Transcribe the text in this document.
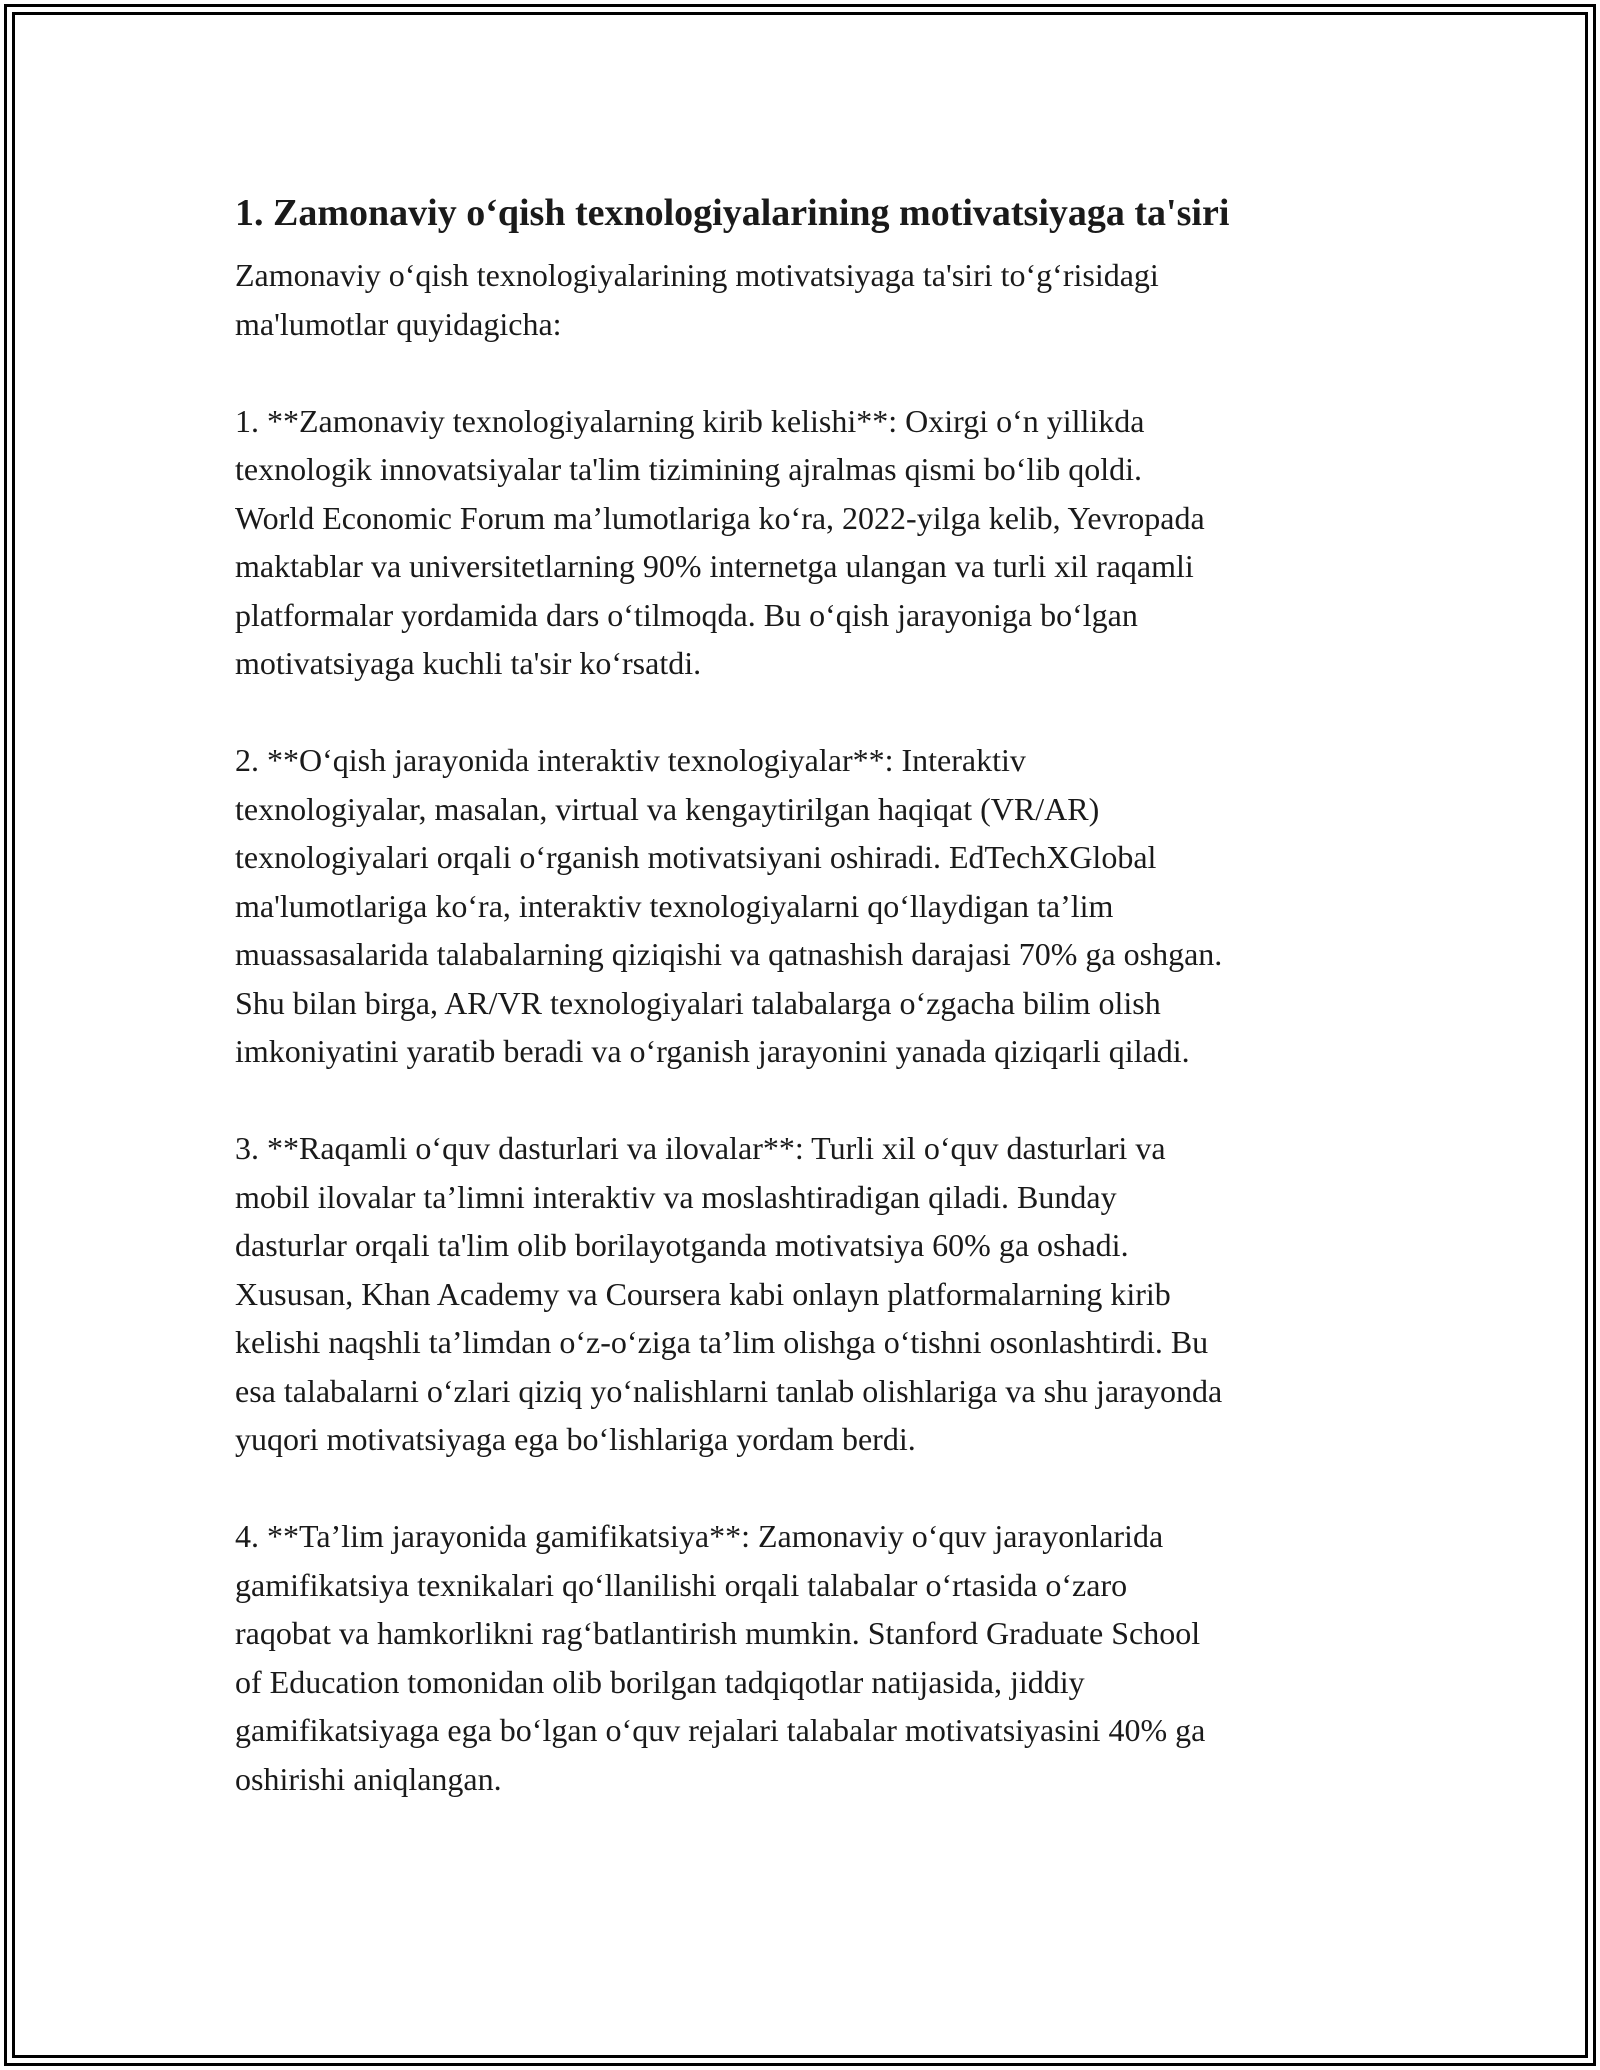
1. Zamonaviy o‘qish texnologiyalarining motivatsiyaga ta'siri

Zamonaviy o‘qish texnologiyalarining motivatsiyaga ta'siri to‘g‘risidagi
ma'lumotlar quyidagicha:

1. **Zamonaviy texnologiyalarning kirib kelishi**: Oxirgi o‘n yillikda
texnologik innovatsiyalar ta'lim tizimining ajralmas qismi bo‘lib qoldi.
World Economic Forum ma’lumotlariga ko‘ra, 2022-yilga kelib, Yevropada
maktablar va universitetlarning 90% internetga ulangan va turli xil raqamli
platformalar yordamida dars o‘tilmoqda. Bu o‘qish jarayoniga bo‘lgan
motivatsiyaga kuchli ta'sir ko‘rsatdi.

2. **O‘qish jarayonida interaktiv texnologiyalar**: Interaktiv
texnologiyalar, masalan, virtual va kengaytirilgan haqiqat (VR/AR)
texnologiyalari orqali o‘rganish motivatsiyani oshiradi. EdTechXGlobal
ma'lumotlariga ko‘ra, interaktiv texnologiyalarni qo‘llaydigan ta’lim
muassasalarida talabalarning qiziqishi va qatnashish darajasi 70% ga oshgan.
Shu bilan birga, AR/VR texnologiyalari talabalarga o‘zgacha bilim olish
imkoniyatini yaratib beradi va o‘rganish jarayonini yanada qiziqarli qiladi.

3. **Raqamli o‘quv dasturlari va ilovalar**: Turli xil o‘quv dasturlari va
mobil ilovalar ta’limni interaktiv va moslashtiradigan qiladi. Bunday
dasturlar orqali ta'lim olib borilayotganda motivatsiya 60% ga oshadi.
Xususan, Khan Academy va Coursera kabi onlayn platformalarning kirib
kelishi naqshli ta’limdan o‘z-o‘ziga ta’lim olishga o‘tishni osonlashtirdi. Bu
esa talabalarni o‘zlari qiziq yo‘nalishlarni tanlab olishlariga va shu jarayonda
yuqori motivatsiyaga ega bo‘lishlariga yordam berdi.

4. **Ta’lim jarayonida gamifikatsiya**: Zamonaviy o‘quv jarayonlarida
gamifikatsiya texnikalari qo‘llanilishi orqali talabalar o‘rtasida o‘zaro
raqobat va hamkorlikni rag‘batlantirish mumkin. Stanford Graduate School
of Education tomonidan olib borilgan tadqiqotlar natijasida, jiddiy
gamifikatsiyaga ega bo‘lgan o‘quv rejalari talabalar motivatsiyasini 40% ga
oshirishi aniqlangan.
